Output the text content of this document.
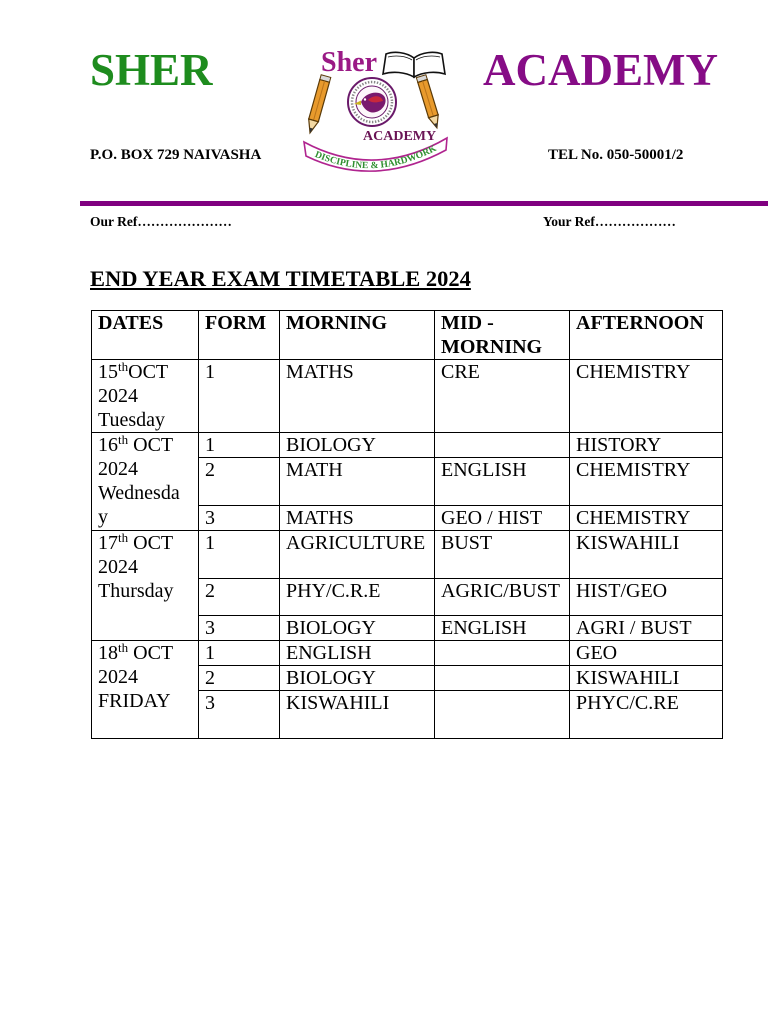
SHER	ACADEMY
Sher
ACADEMY
DISCIPLINE & HARDWORK
P.O. BOX 729 NAIVASHA	TEL No. 050-50001/2
Our Ref…………………	Your Ref………………
END YEAR EXAM TIMETABLE 2024
DATES	FORM	MORNING	MID - MORNING	AFTERNOON
15thOCT 2024 Tuesday	1	MATHS	CRE	CHEMISTRY
16th OCT 2024 Wednesday	1	BIOLOGY		HISTORY
	2	MATH	ENGLISH	CHEMISTRY
	3	MATHS	GEO / HIST	CHEMISTRY
17th OCT 2024 Thursday	1	AGRICULTURE	BUST	KISWAHILI
	2	PHY/C.R.E	AGRIC/BUST	HIST/GEO
	3	BIOLOGY	ENGLISH	AGRI / BUST
18th OCT 2024 FRIDAY	1	ENGLISH		GEO
	2	BIOLOGY		KISWAHILI
	3	KISWAHILI		PHYC/C.RE
